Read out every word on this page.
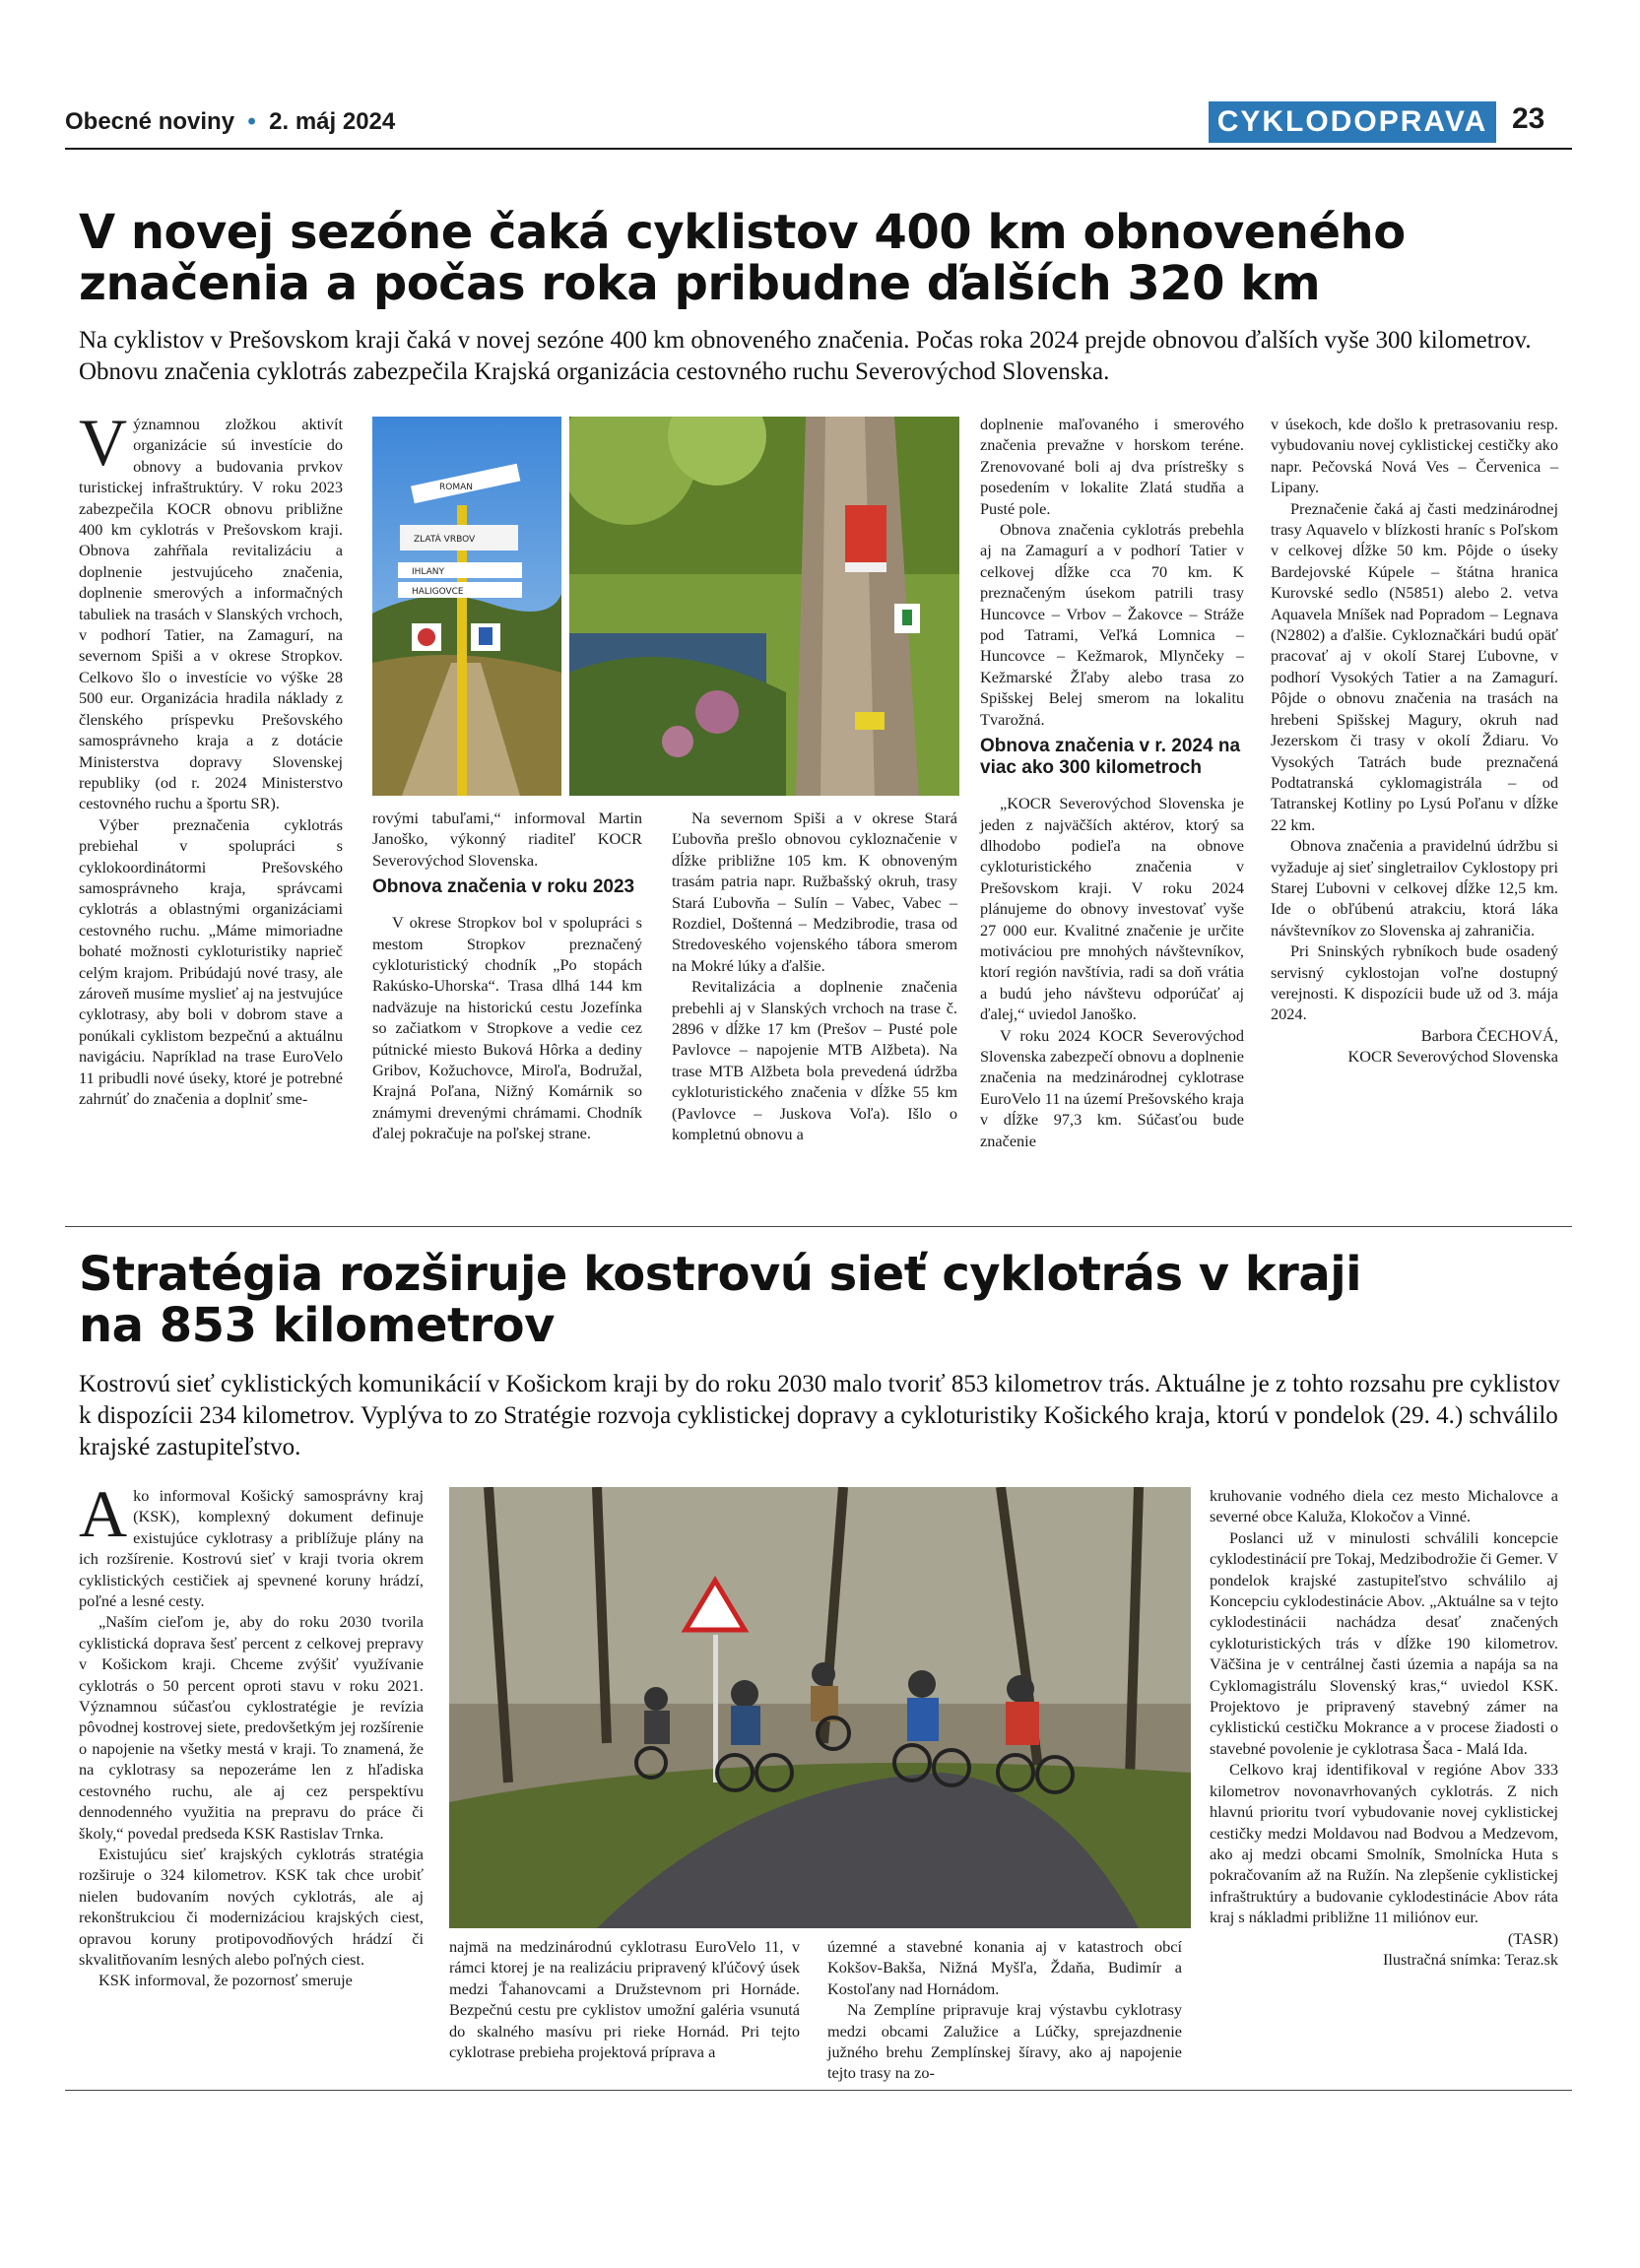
Obecné noviny  •  2. máj 2024	CYKLODOPRAVA 23
V novej sezóne čaká cyklistov 400 km obnoveného
značenia a počas roka pribudne ďalších 320 km
Na cyklistov v Prešovskom kraji čaká v novej sezóne 400 km obnoveného značenia. Počas roka 2024 prejde obnovou ďalších vyše 300 kilometrov. Obnovu značenia cyklotrás zabezpečila Krajská organizácia cestovného ruchu Severovýchod Slovenska.

Významnou zložkou aktivít organizácie sú investície do obnovy a budovania prvkov turistickej infraštruktúry. V roku 2023 zabezpečila KOCR obnovu približne 400 km cyklotrás v Prešovskom kraji. Obnova zahŕňala revitalizáciu a doplnenie jestvujúceho značenia, doplnenie smerových a informačných tabuliek na trasách v Slanských vrchoch, v podhorí Tatier, na Zamagurí, na severnom Spiši a v okrese Stropkov. Celkovo šlo o investície vo výške 28 500 eur. Organizácia hradila náklady z členského príspevku Prešovského samosprávneho kraja a z dotácie Ministerstva dopravy Slovenskej republiky (od r. 2024 Ministerstvo cestovného ruchu a športu SR).

Výber preznačenia cyklotrás prebiehal v spolupráci s cyklokoordinátormi Prešovského samosprávneho kraja, správcami cyklotrás a oblastnými organizáciami cestovného ruchu. „Máme mimoriadne bohaté možnosti cykloturistiky naprieč celým krajom. Pribúdajú nové trasy, ale zároveň musíme myslieť aj na jestvujúce cyklotrasy, aby boli v dobrom stave a ponúkali cyklistom bezpečnú a aktuálnu navigáciu. Napríklad na trase EuroVelo 11 pribudli nové úseky, ktoré je potrebné zahrnúť do značenia a doplniť sme-

ROMAN
ZLATÁ VRBOV
IHLANY
HALIGOVCE

rovými tabuľami,“ informoval Martin Janoško, výkonný riaditeľ KOCR Severovýchod Slovenska.

Obnova značenia v roku 2023

V okrese Stropkov bol v spolupráci s mestom Stropkov preznačený cykloturistický chodník „Po stopách Rakúsko-Uhorska“. Trasa dlhá 144 km nadväzuje na historickú cestu Jozefínka so začiatkom v Stropkove a vedie cez pútnické miesto Buková Hôrka a dediny Gribov, Kožuchovce, Miroľa, Bodružal, Krajná Poľana, Nižný Komárnik so známymi drevenými chrámami. Chodník ďalej pokračuje na poľskej strane.

Na severnom Spiši a v okrese Stará Ľubovňa prešlo obnovou cykloznačenie v dĺžke približne 105 km. K obnoveným trasám patria napr. Ružbašský okruh, trasy Stará Ľubovňa – Sulín – Vabec, Vabec – Rozdiel, Doštenná – Medzibrodie, trasa od Stredoveského vojenského tábora smerom na Mokré lúky a ďalšie.

Revitalizácia a doplnenie značenia prebehli aj v Slanských vrchoch na trase č. 2896 v dĺžke 17 km (Prešov – Pusté pole Pavlovce – napojenie MTB Alžbeta). Na trase MTB Alžbeta bola prevedená údržba cykloturistického značenia v dĺžke 55 km (Pavlovce – Juskova Voľa). Išlo o kompletnú obnovu a

doplnenie maľovaného i smerového značenia prevažne v horskom teréne. Zrenovované boli aj dva prístrešky s posedením v lokalite Zlatá studňa a Pusté pole.

Obnova značenia cyklotrás prebehla aj na Zamagurí a v podhorí Tatier v celkovej dĺžke cca 70 km. K preznačeným úsekom patrili trasy Huncovce – Vrbov – Žakovce – Stráže pod Tatrami, Veľká Lomnica – Huncovce – Kežmarok, Mlynčeky – Kežmarské Žľaby alebo trasa zo Spišskej Belej smerom na lokalitu Tvarožná.

Obnova značenia v r. 2024 na viac ako 300 kilometroch

„KOCR Severovýchod Slovenska je jeden z najväčších aktérov, ktorý sa dlhodobo podieľa na obnove cykloturistického značenia v Prešovskom kraji. V roku 2024 plánujeme do obnovy investovať vyše 27 000 eur. Kvalitné značenie je určite motiváciou pre mnohých návštevníkov, ktorí región navštívia, radi sa doň vrátia a budú jeho návštevu odporúčať aj ďalej,“ uviedol Janoško.

V roku 2024 KOCR Severovýchod Slovenska zabezpečí obnovu a doplnenie značenia na medzinárodnej cyklotrase EuroVelo 11 na území Prešovského kraja v dĺžke 97,3 km. Súčasťou bude značenie

v úsekoch, kde došlo k pretrasovaniu resp. vybudovaniu novej cyklistickej cestičky ako napr. Pečovská Nová Ves – Červenica – Lipany.

Preznačenie čaká aj časti medzinárodnej trasy Aquavelo v blízkosti hraníc s Poľskom v celkovej dĺžke 50 km. Pôjde o úseky Bardejovské Kúpele – štátna hranica Kurovské sedlo (N5851) alebo 2. vetva Aquavela Mníšek nad Popradom – Legnava (N2802) a ďalšie. Cykloznačkári budú opäť pracovať aj v okolí Starej Ľubovne, v podhorí Vysokých Tatier a na Zamagurí. Pôjde o obnovu značenia na trasách na hrebeni Spišskej Magury, okruh nad Jezerskom či trasy v okolí Ždiaru. Vo Vysokých Tatrách bude preznačená Podtatranská cyklomagistrála – od Tatranskej Kotliny po Lysú Poľanu v dĺžke 22 km.

Obnova značenia a pravidelnú údržbu si vyžaduje aj sieť singletrailov Cyklostopy pri Starej Ľubovni v celkovej dĺžke 12,5 km. Ide o obľúbenú atrakciu, ktorá láka návštevníkov zo Slovenska aj zahraničia.

Pri Sninských rybníkoch bude osadený servisný cyklostojan voľne dostupný verejnosti. K dispozícii bude už od 3. mája 2024.

Barbora ČECHOVÁ,

KOCR Severovýchod Slovenska

Stratégia rozširuje kostrovú sieť cyklotrás v kraji
na 853 kilometrov
Kostrovú sieť cyklistických komunikácií v Košickom kraji by do roku 2030 malo tvoriť 853 kilometrov trás. Aktuálne je z tohto rozsahu pre cyklistov k dispozícii 234 kilometrov. Vyplýva to zo Stratégie rozvoja cyklistickej dopravy a cykloturistiky Košického kraja, ktorú v pondelok (29. 4.) schválilo krajské zastupiteľstvo.

Ako informoval Košický samosprávny kraj (KSK), komplexný dokument definuje existujúce cyklotrasy a priblížuje plány na ich rozšírenie. Kostrovú sieť v kraji tvoria okrem cyklistických cestičiek aj spevnené koruny hrádzí, poľné a lesné cesty.

„Naším cieľom je, aby do roku 2030 tvorila cyklistická doprava šesť percent z celkovej prepravy v Košickom kraji. Chceme zvýšiť využívanie cyklotrás o 50 percent oproti stavu v roku 2021. Významnou súčasťou cyklostratégie je revízia pôvodnej kostrovej siete, predovšetkým jej rozšírenie o napojenie na všetky mestá v kraji. To znamená, že na cyklotrasy sa nepozeráme len z hľadiska cestovného ruchu, ale aj cez perspektívu dennodenného využitia na prepravu do práce či školy,“ povedal predseda KSK Rastislav Trnka.

Existujúcu sieť krajských cyklotrás stratégia rozširuje o 324 kilometrov. KSK tak chce urobiť nielen budovaním nových cyklotrás, ale aj rekonštrukciou či modernizáciou krajských ciest, opravou koruny protipovodňových hrádzí či skvalitňovaním lesných alebo poľných ciest.

KSK informoval, že pozornosť smeruje

najmä na medzinárodnú cyklotrasu EuroVelo 11, v rámci ktorej je na realizáciu pripravený kľúčový úsek medzi Ťahanovcami a Družstevnom pri Hornáde. Bezpečnú cestu pre cyklistov umožní galéria vsunutá do skalného masívu pri rieke Hornád. Pri tejto cyklotrase prebieha projektová príprava a

územné a stavebné konania aj v katastroch obcí Kokšov-Bakša, Nižná Myšľa, Ždaňa, Budimír a Kostoľany nad Hornádom.

Na Zemplíne pripravuje kraj výstavbu cyklotrasy medzi obcami Zalužice a Lúčky, sprejazdnenie južného brehu Zemplínskej šíravy, ako aj napojenie tejto trasy na zo-

kruhovanie vodného diela cez mesto Michalovce a severné obce Kaluža, Klokočov a Vinné.

Poslanci už v minulosti schválili koncepcie cyklodestinácií pre Tokaj, Medzibodrožie či Gemer. V pondelok krajské zastupiteľstvo schválilo aj Koncepciu cyklodestinácie Abov. „Aktuálne sa v tejto cyklodestinácii nachádza desať značených cykloturistických trás v dĺžke 190 kilometrov. Väčšina je v centrálnej časti územia a napája sa na Cyklomagistrálu Slovenský kras,“ uviedol KSK. Projektovo je pripravený stavebný zámer na cyklistickú cestičku Mokrance a v procese žiadosti o stavebné povolenie je cyklotrasa Šaca - Malá Ida.

Celkovo kraj identifikoval v regióne Abov 333 kilometrov novonavrhovaných cyklotrás. Z nich hlavnú prioritu tvorí vybudovanie novej cyklistickej cestičky medzi Moldavou nad Bodvou a Medzevom, ako aj medzi obcami Smolník, Smolnícka Huta s pokračovaním až na Ružín. Na zlepšenie cyklistickej infraštruktúry a budovanie cyklodestinácie Abov ráta kraj s nákladmi približne 11 miliónov eur.

(TASR)

Ilustračná snímka: Teraz.sk
